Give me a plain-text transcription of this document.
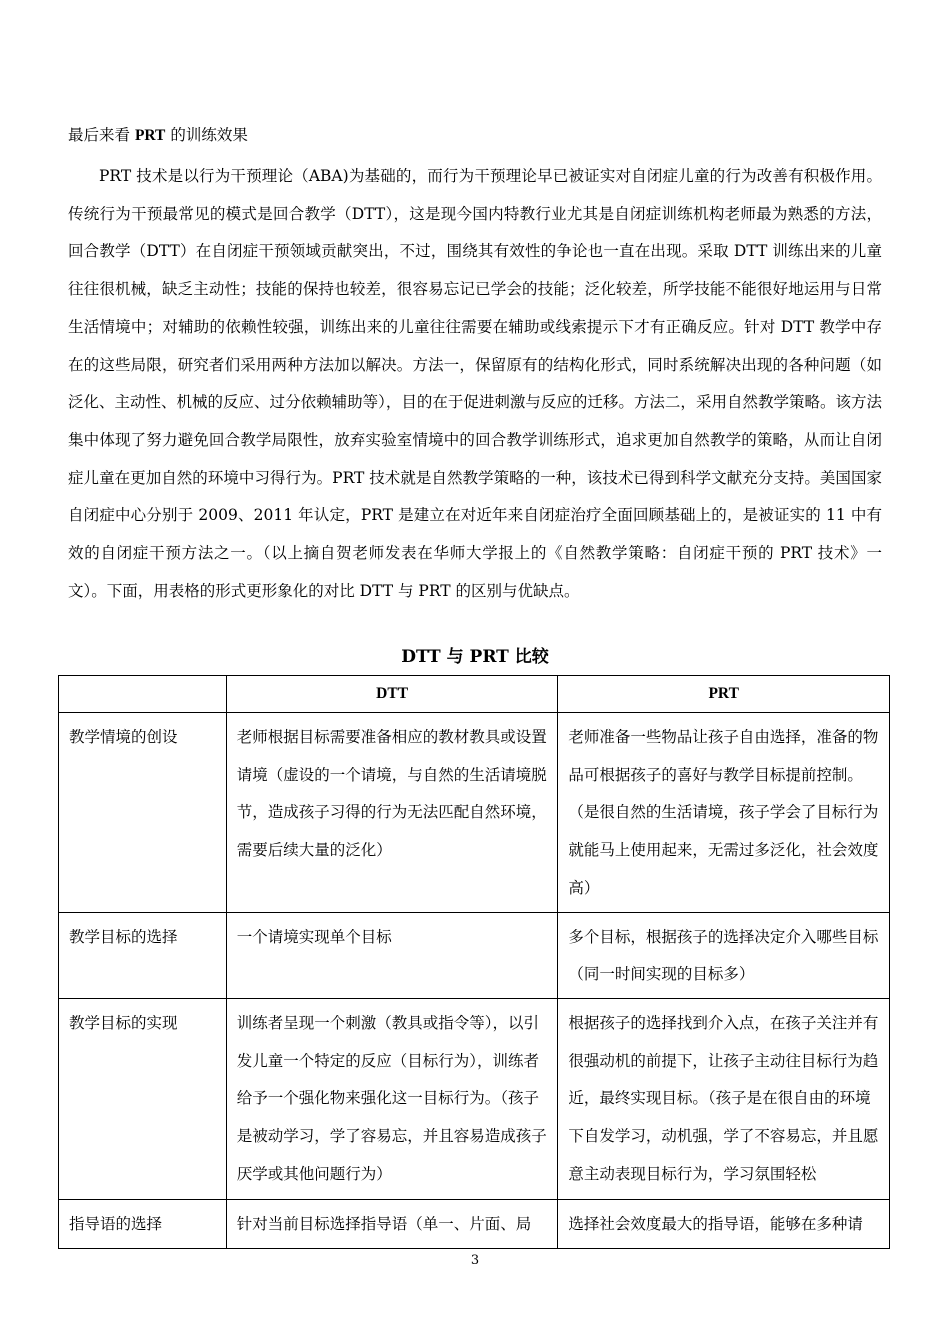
最后来看 PRT 的训练效果

PRT 技术是以行为干预理论（ABA)为基础的，而行为干预理论早已被证实对自闭症儿童的行为改善有积极作用。传统行为干预最常见的模式是回合教学（DTT），这是现今国内特教行业尤其是自闭症训练机构老师最为熟悉的方法，回合教学（DTT）在自闭症干预领域贡献突出，不过，围绕其有效性的争论也一直在出现。采取 DTT 训练出来的儿童往往很机械，缺乏主动性；技能的保持也较差，很容易忘记已学会的技能；泛化较差，所学技能不能很好地运用与日常生活情境中；对辅助的依赖性较强，训练出来的儿童往往需要在辅助或线索提示下才有正确反应。针对 DTT 教学中存在的这些局限，研究者们采用两种方法加以解决。方法一，保留原有的结构化形式，同时系统解决出现的各种问题（如泛化、主动性、机械的反应、过分依赖辅助等），目的在于促进刺激与反应的迁移。方法二，采用自然教学策略。该方法集中体现了努力避免回合教学局限性，放弃实验室情境中的回合教学训练形式，追求更加自然教学的策略，从而让自闭症儿童在更加自然的环境中习得行为。PRT 技术就是自然教学策略的一种，该技术已得到科学文献充分支持。美国国家自闭症中心分别于 2009、2011 年认定，PRT 是建立在对近年来自闭症治疗全面回顾基础上的，是被证实的 11 中有效的自闭症干预方法之一。（以上摘自贺老师发表在华师大学报上的《自然教学策略：自闭症干预的 PRT 技术》一文）。下面，用表格的形式更形象化的对比 DTT 与 PRT 的区别与优缺点。

DTT 与 PRT 比较
	DTT	PRT
教学情境的创设	老师根据目标需要准备相应的教材教具或设置请境（虚设的一个请境，与自然的生活请境脱节，造成孩子习得的行为无法匹配自然环境，需要后续大量的泛化）	老师准备一些物品让孩子自由选择，准备的物品可根据孩子的喜好与教学目标提前控制。（是很自然的生活请境，孩子学会了目标行为就能马上使用起来，无需过多泛化，社会效度高）
教学目标的选择	一个请境实现单个目标	多个目标，根据孩子的选择决定介入哪些目标（同一时间实现的目标多）
教学目标的实现	训练者呈现一个刺激（教具或指令等），以引发儿童一个特定的反应（目标行为），训练者给予一个强化物来强化这一目标行为。（孩子是被动学习，学了容易忘，并且容易造成孩子厌学或其他问题行为）	根据孩子的选择找到介入点，在孩子关注并有很强动机的前提下，让孩子主动往目标行为趋近，最终实现目标。（孩子是在很自由的环境下自发学习，动机强，学了不容易忘，并且愿意主动表现目标行为，学习氛围轻松

指导语的选择	针对当前目标选择指导语（单一、片面、局	选择社会效度最大的指导语，能够在多种请
3
